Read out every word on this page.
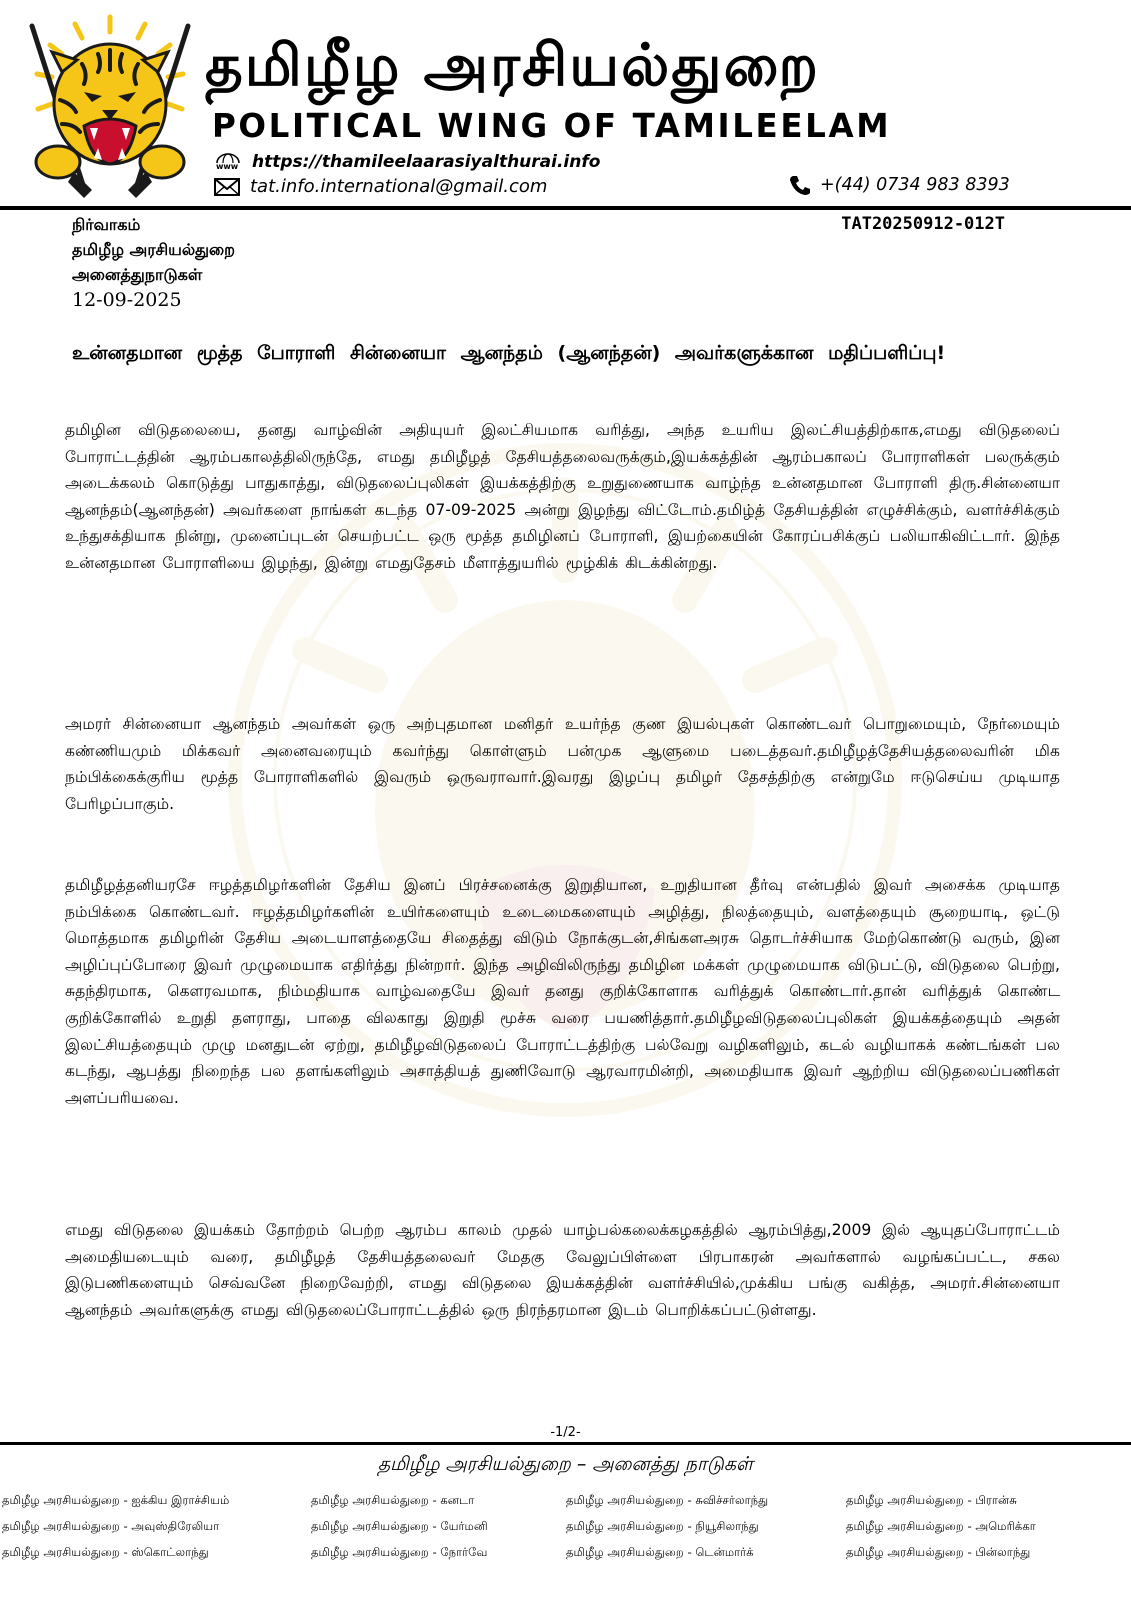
தமிழீழ அரசியல்துறை
POLITICAL WING OF TAMILEELAM
www https://thamileelaarasiyalthurai.info
tat.info.international@gmail.com	+(44) 0734 983 8393

நிர்வாகம்

தமிழீழ அரசியல்துறை

அனைத்துநாடுகள்

12-09-2025

TAT20250912-012T

உன்னதமான மூத்த போராளி சின்னையா ஆனந்தம் (ஆனந்தன்) அவர்களுக்கான மதிப்பளிப்பு!

தமிழின விடுதலையை, தனது வாழ்வின் அதியுயர் இலட்சியமாக வரித்து, அந்த உயரிய இலட்சியத்திற்காக,எமது விடுதலைப் போராட்டத்தின் ஆரம்பகாலத்திலிருந்தே, எமது தமிழீழத் தேசியத்தலைவருக்கும்,இயக்கத்தின் ஆரம்பகாலப் போராளிகள் பலருக்கும் அடைக்கலம் கொடுத்து பாதுகாத்து, விடுதலைப்புலிகள் இயக்கத்திற்கு உறுதுணையாக வாழ்ந்த உன்னதமான போராளி திரு.சின்னையா ஆனந்தம்(ஆனந்தன்) அவர்களை நாங்கள் கடந்த 07-09-2025 அன்று இழந்து விட்டோம்.தமிழ்த் தேசியத்தின் எழுச்சிக்கும், வளர்ச்சிக்கும் உந்துசக்தியாக நின்று, முனைப்புடன் செயற்பட்ட ஒரு மூத்த தமிழினப் போராளி, இயற்கையின் கோரப்பசிக்குப் பலியாகிவிட்டார். இந்த உன்னதமான போராளியை இழந்து, இன்று எமதுதேசம் மீளாத்துயரில் மூழ்கிக் கிடக்கின்றது.

அமரர் சின்னையா ஆனந்தம் அவர்கள் ஒரு அற்புதமான மனிதர் உயர்ந்த குண இயல்புகள் கொண்டவர் பொறுமையும், நேர்மையும் கண்ணியமும் மிக்கவர் அனைவரையும் கவர்ந்து கொள்ளும் பன்முக ஆளுமை படைத்தவர்.தமிழீழத்தேசியத்தலைவரின் மிக நம்பிக்கைக்குரிய மூத்த போராளிகளில் இவரும் ஒருவராவார்.இவரது இழப்பு தமிழர் தேசத்திற்கு என்றுமே ஈடுசெய்ய முடியாத பேரிழப்பாகும்.

தமிழீழத்தனியரசே ஈழத்தமிழர்களின் தேசிய இனப் பிரச்சனைக்கு இறுதியான, உறுதியான தீர்வு என்பதில் இவர் அசைக்க முடியாத நம்பிக்கை கொண்டவர். ஈழத்தமிழர்களின் உயிர்களையும் உடைமைகளையும் அழித்து, நிலத்தையும், வளத்தையும் சூறையாடி, ஒட்டு மொத்தமாக தமிழரின் தேசிய அடையாளத்தையே சிதைத்து விடும் நோக்குடன்,சிங்களஅரசு தொடர்ச்சியாக மேற்கொண்டு வரும், இன அழிப்புப்போரை இவர் முழுமையாக எதிர்த்து நின்றார். இந்த அழிவிலிருந்து தமிழின மக்கள் முழுமையாக விடுபட்டு, விடுதலை பெற்று, சுதந்திரமாக, கௌரவமாக, நிம்மதியாக வாழ்வதையே இவர் தனது குறிக்கோளாக வரித்துக் கொண்டார்.தான் வரித்துக் கொண்ட குறிக்கோளில் உறுதி தளராது, பாதை விலகாது இறுதி மூச்சு வரை பயணித்தார்.தமிழீழவிடுதலைப்புலிகள் இயக்கத்தையும் அதன் இலட்சியத்தையும் முழு மனதுடன் ஏற்று, தமிழீழவிடுதலைப் போராட்டத்திற்கு பல்வேறு வழிகளிலும், கடல் வழியாகக் கண்டங்கள் பல கடந்து, ஆபத்து நிறைந்த பல தளங்களிலும் அசாத்தியத் துணிவோடு ஆரவாரமின்றி, அமைதியாக இவர் ஆற்றிய விடுதலைப்பணிகள் அளப்பரியவை.

எமது விடுதலை இயக்கம் தோற்றம் பெற்ற ஆரம்ப காலம் முதல் யாழ்பல்கலைக்கழகத்தில் ஆரம்பித்து,2009 இல் ஆயுதப்போராட்டம் அமைதியடையும் வரை, தமிழீழத் தேசியத்தலைவர் மேதகு வேலுப்பிள்ளை பிரபாகரன் அவர்களால் வழங்கப்பட்ட, சகல இடுபணிகளையும் செவ்வனே நிறைவேற்றி, எமது விடுதலை இயக்கத்தின் வளர்ச்சியில்,முக்கிய பங்கு வகித்த, அமரர்.சின்னையா ஆனந்தம் அவர்களுக்கு எமது விடுதலைப்போராட்டத்தில் ஒரு நிரந்தரமான இடம் பொறிக்கப்பட்டுள்ளது.

-1/2-

தமிழீழ அரசியல்துறை – அனைத்து நாடுகள்

தமிழீழ அரசியல்துறை - ஐக்கிய இராச்சியம்	தமிழீழ அரசியல்துறை - கனடா	தமிழீழ அரசியல்துறை - சுவிச்சர்லாந்து	தமிழீழ அரசியல்துறை - பிரான்சு

தமிழீழ அரசியல்துறை - அவுஸ்திரேலியா	தமிழீழ அரசியல்துறை - யேர்மனி	தமிழீழ அரசியல்துறை - நியூசிலாந்து	தமிழீழ அரசியல்துறை - அமெரிக்கா

தமிழீழ அரசியல்துறை - ஸ்கொட்லாந்து	தமிழீழ அரசியல்துறை - நோர்வே	தமிழீழ அரசியல்துறை - டென்மார்க்	தமிழீழ அரசியல்துறை - பின்லாந்து
